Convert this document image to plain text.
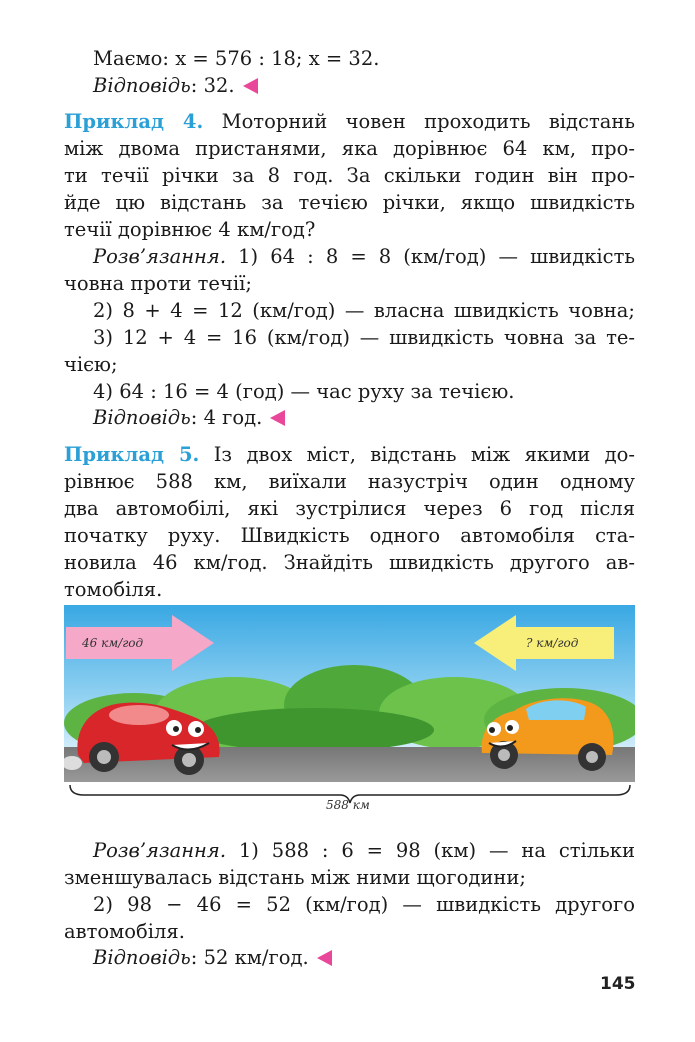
Маємо: x = 576 : 18; x = 32.
Відповідь: 32.
Приклад 4. Моторний човен проходить відстань
між двома пристанями, яка дорівнює 64 км, про-
ти течії річки за 8 год. За скільки годин він про-
йде цю відстань за течією річки, якщо швидкість
течії дорівнює 4 км/год?
Розв’язання. 1) 64 : 8 = 8 (км/год) — швидкість
човна проти течії;
2) 8 + 4 = 12 (км/год) — власна швидкість човна;
3) 12 + 4 = 16 (км/год) — швидкість човна за те-
чією;
4) 64 : 16 = 4 (год) — час руху за течією.
Відповідь: 4 год.
Приклад 5. Із двох міст, відстань між якими до-
рівнює 588 км, виїхали назустріч один одному
два автомобілі, які зустрілися через 6 год після
початку руху. Швидкість одного автомобіля ста-
новила 46 км/год. Знайдіть швидкість другого ав-
томобіля.
46 км/год	? км/год
588 км
Розв’язання. 1) 588 : 6 = 98 (км) — на стільки
зменшувалась відстань між ними щогодини;
2) 98 − 46 = 52 (км/год) — швидкість другого
автомобіля.
Відповідь: 52 км/год.
145
